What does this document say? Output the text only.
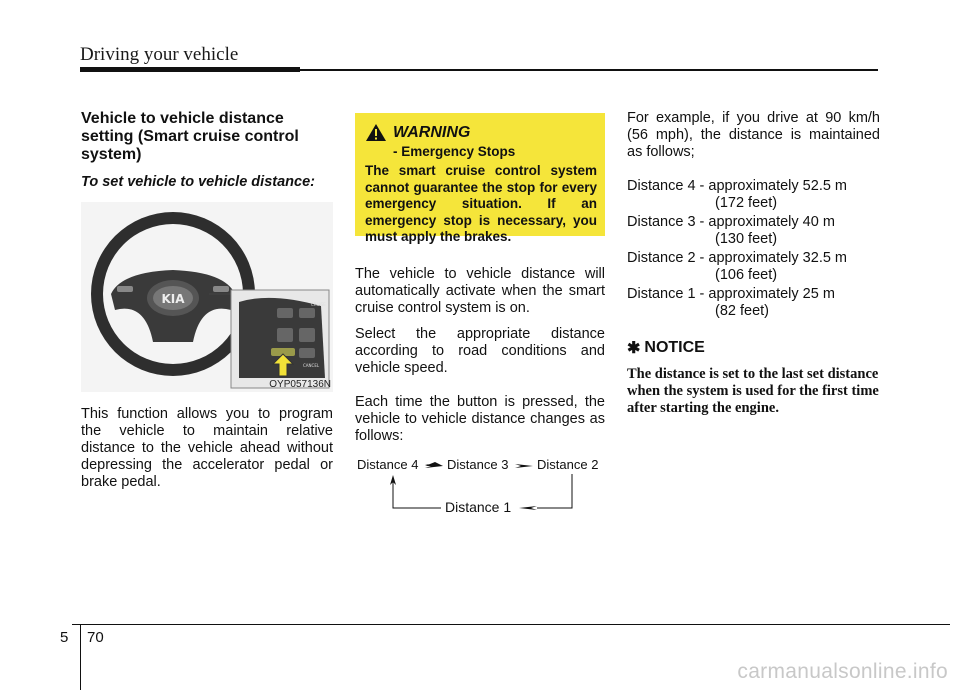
Driving your vehicle
Vehicle to vehicle distance setting (Smart cruise control system)
To set vehicle to vehicle distance:
KIA	CRUISE
CANCEL
OYP057136N

This function allows you to program the vehicle to maintain relative distance to the vehicle ahead without depressing the accelerator pedal or brake pedal.

WARNING
- Emergency Stops
The smart cruise control system cannot guarantee the stop for every emergency situation. If an emergency stop is necessary, you must apply the brakes.

The vehicle to vehicle distance will automatically activate when the smart cruise control system is on.

Select the appropriate distance according to road conditions and vehicle speed.

Each time the button is pressed, the vehicle to vehicle distance changes as follows:

Distance 4 Distance 3 Distance 2
Distance 1

For example, if you drive at 90 km/h (56 mph), the distance is maintained as follows;

Distance 4 - approximately 52.5 m
(172 feet)
Distance 3 - approximately 40 m
(130 feet)
Distance 2 - approximately 32.5 m
(106 feet)
Distance 1 - approximately 25 m
(82 feet)
✱ NOTICE
The distance is set to the last set distance when the system is used for the first time after starting the engine.
5 70
carmanualsonline.info
